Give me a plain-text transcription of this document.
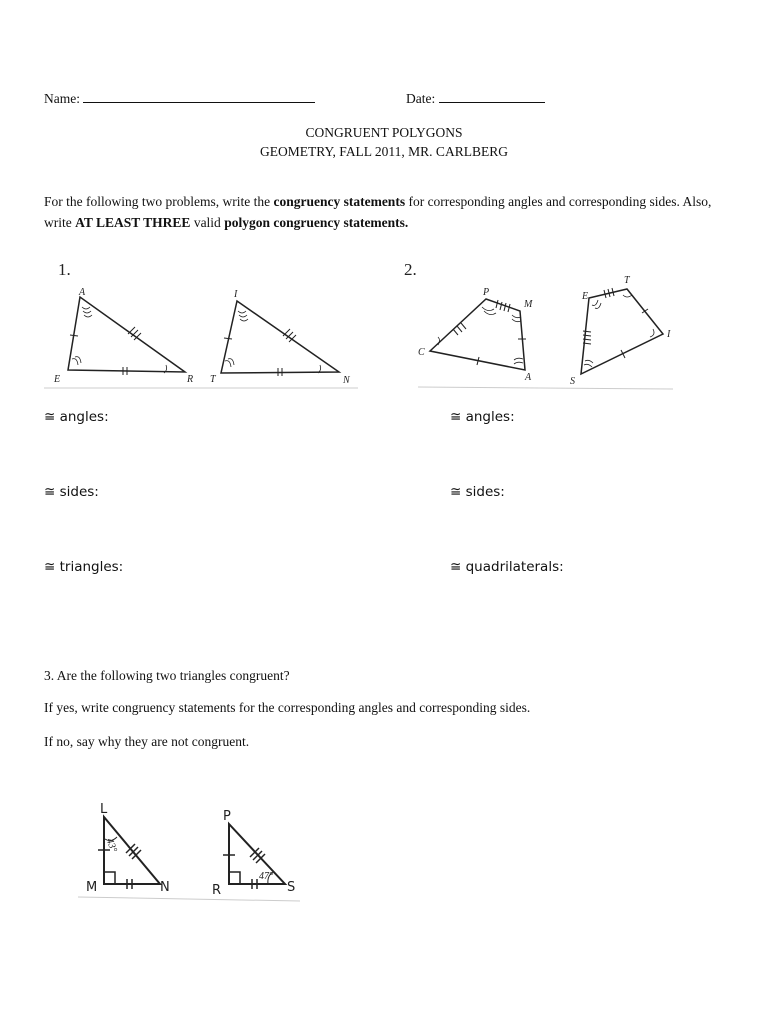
Name:	Date:
CONGRUENT POLYGONS
GEOMETRY, FALL 2011, MR. CARLBERG
For the following two problems, write the congruency statements for corresponding angles and corresponding sides. Also, write AT LEAST THREE valid polygon congruency statements.
1.
A
E	R
I
T	N
2.
P
M
C
A
E
T
I
S
≅ angles:
≅ sides:
≅ triangles:
≅ angles:
≅ sides:
≅ quadrilaterals:
3. Are the following two triangles congruent?
If yes, write congruency statements for the corresponding angles and corresponding sides.
If no, say why they are not congruent.
L
M	N
43°
P
R	S
47°
